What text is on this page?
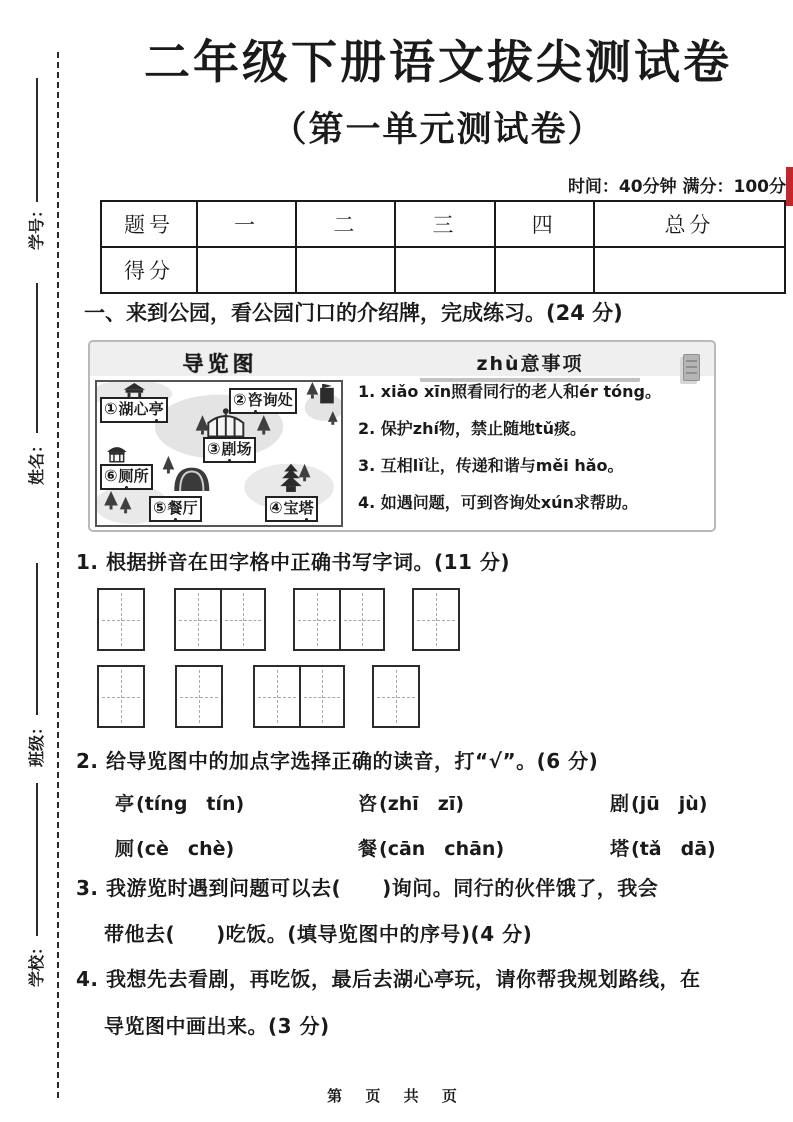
学号：
姓名：
班级：
学校：
二年级下册语文拔尖测试卷
（第一单元测试卷）
时间：40分钟 满分：100分
题号	一	二	三	四	总分
得分					
一、来到公园，看公园门口的介绍牌，完成练习。(24 分)
导览图
① 湖心 亭	② 咨 询处
③ 剧 场
⑥ 厕 所
⑤ 餐 厅	④ 宝 塔
zhù意事项
1. xiǎo xīn照看同行的老人和ér tóng。
2. 保护zhí物，禁止随地tǔ痰。
3. 互相lǐ让，传递和谐与měi hǎo。
4. 如遇问题，可到咨询处xún求帮助。
1. 根据拼音在田字格中正确书写字词。(11 分)
2. 给导览图中的加点字选择正确的读音，打“√”。(6 分)
亭 (tíng　tín)	咨 (zhī　zī)	剧 (jū　jù)
厕 (cè　chè)	餐 (cān　chān)	塔 (tǎ　dā)
3. 我游览时遇到问题可以去(　　)询问。同行的伙伴饿了，我会
带他去(　　)吃饭。(填导览图中的序号)(4 分)
4. 我想先去看剧，再吃饭，最后去湖心亭玩，请你帮我规划路线，在
导览图中画出来。(3 分)
第 页 共 页
